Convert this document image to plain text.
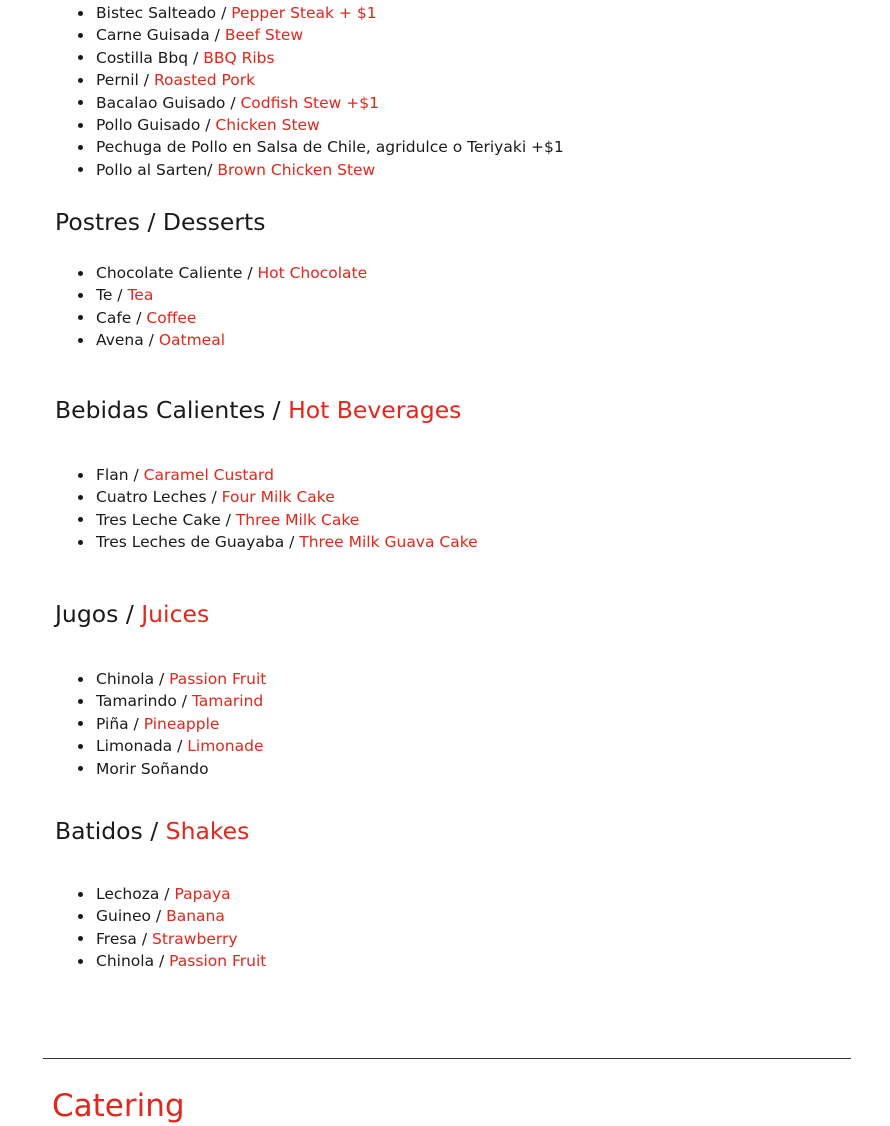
Bistec Salteado / Pepper Steak + $1
Carne Guisada / Beef Stew
Costilla Bbq / BBQ Ribs
Pernil / Roasted Pork
Bacalao Guisado / Codfish Stew +$1
Pollo Guisado / Chicken Stew
Pechuga de Pollo en Salsa de Chile, agridulce o Teriyaki +$1
Pollo al Sarten/ Brown Chicken Stew
Postres / Desserts
Chocolate Caliente / Hot Chocolate
Te / Tea
Cafe / Coffee
Avena / Oatmeal
Bebidas Calientes / Hot Beverages
Flan / Caramel Custard
Cuatro Leches / Four Milk Cake
Tres Leche Cake / Three Milk Cake
Tres Leches de Guayaba / Three Milk Guava Cake
Jugos / Juices
Chinola / Passion Fruit
Tamarindo / Tamarind
Piña / Pineapple
Limonada / Limonade
Morir Soñando
Batidos / Shakes
Lechoza / Papaya
Guineo / Banana
Fresa / Strawberry
Chinola / Passion Fruit
Catering
